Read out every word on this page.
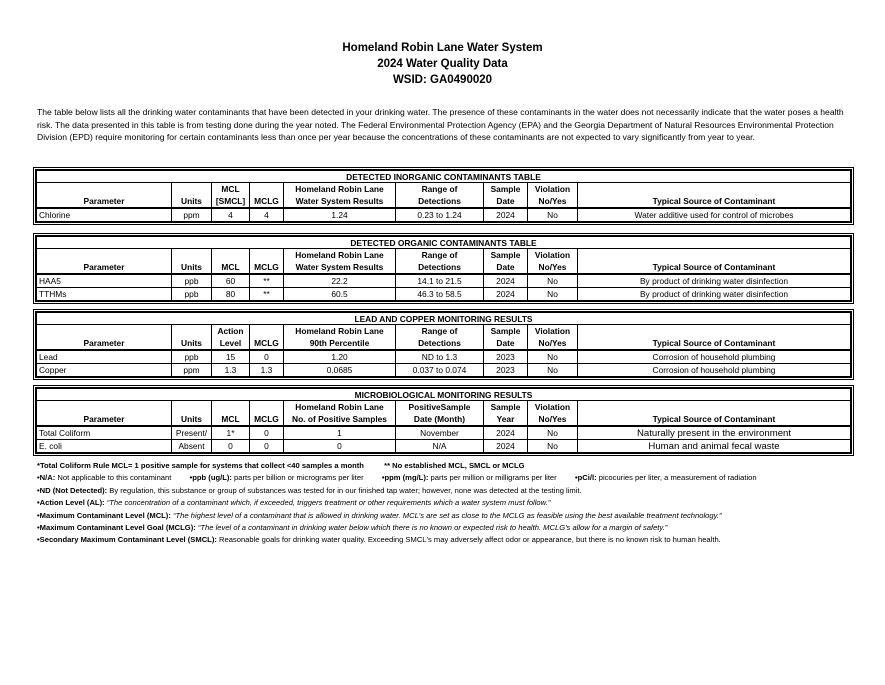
Homeland Robin Lane Water System
2024 Water Quality Data
WSID: GA0490020
The table below lists all the drinking water contaminants that have been detected in your drinking water. The presence of these contaminants in the water does not necessarily indicate that the water poses a health risk. The data presented in this table is from testing done during the year noted. The Federal Environmental Protection Agency (EPA) and the Georgia Department of Natural Resources Environmental Protection Division (EPD) require monitoring for certain contaminants less than once per year because the concentrations of these contaminants are not expected to vary significantly from year to year.
DETECTED INORGANIC CONTAMINANTS TABLE								
Parameter	Units	MCL	MCLG	Homeland Robin Lane	Range of	Sample	Violation	Typical Source of Contaminant
		[SMCL]		Water System Results	Detections	Date	No/Yes	
Chlorine	ppm	4	4	1.24	0.23 to 1.24	2024	No	Water additive used for control of microbes
DETECTED ORGANIC CONTAMINANTS TABLE								
Parameter	Units	MCL	MCLG	Homeland Robin Lane	Range of	Sample	Violation	Typical Source of Contaminant
				Water System Results	Detections	Date	No/Yes	
HAA5	ppb	60	**	22.2	14.1 to 21.5	2024	No	By product of drinking water disinfection
TTHMs	ppb	80	**	60.5	46.3 to 58.5	2024	No	By product of drinking water disinfection
LEAD AND COPPER MONITORING RESULTS								
Parameter	Units	Action	MCLG	Homeland Robin Lane	Range of	Sample	Violation	Typical Source of Contaminant
		Level		90th Percentile	Detections	Date	No/Yes	
Lead	ppb	15	0	1.20	ND to 1.3	2023	No	Corrosion of household plumbing
Copper	ppm	1.3	1.3	0.0685	0.037 to 0.074	2023	No	Corrosion of household plumbing
MICROBIOLOGICAL MONITORING RESULTS								
Parameter	Units	MCL	MCLG	Homeland Robin Lane	PositiveSample	Sample	Violation	Typical Source of Contaminant
				No. of Positive Samples	Date (Month)	Year	No/Yes	
Total Coliform	Present/	1*	0	1	November	2024	No	Naturally present in the environment
E. coli	Absent	0	0	0	N/A	2024	No	Human and animal fecal waste

*Total Coliform Rule MCL= 1 positive sample for systems that collect <40 samples a month	** No established MCL, SMCL or MCLG

•N/A: Not applicable to this contaminant •ppb (ug/L): parts per billion or micrograms per liter •ppm (mg/L): parts per million or milligrams per liter •pCi/l: picocuries per liter, a measurement of radiation

•ND (Not Detected): By regulation, this substance or group of substances was tested for in our finished tap water; however, none was detected at the testing limit.

•Action Level (AL): “The concentration of a contaminant which, if exceeded, triggers treatment or other requirements which a water system must follow.”

•Maximum Contaminant Level (MCL): “The highest level of a contaminant that is allowed in drinking water. MCL's are set as close to the MCLG as feasible using the best available treatment technology.”

•Maximum Contaminant Level Goal (MCLG): “The level of a contaminant in drinking water below which there is no known or expected risk to health. MCLG's allow for a margin of safety.”

•Secondary Maximum Contaminant Level (SMCL): Reasonable goals for drinking water quality. Exceeding SMCL's may adversely affect odor or appearance, but there is no known risk to human health.
